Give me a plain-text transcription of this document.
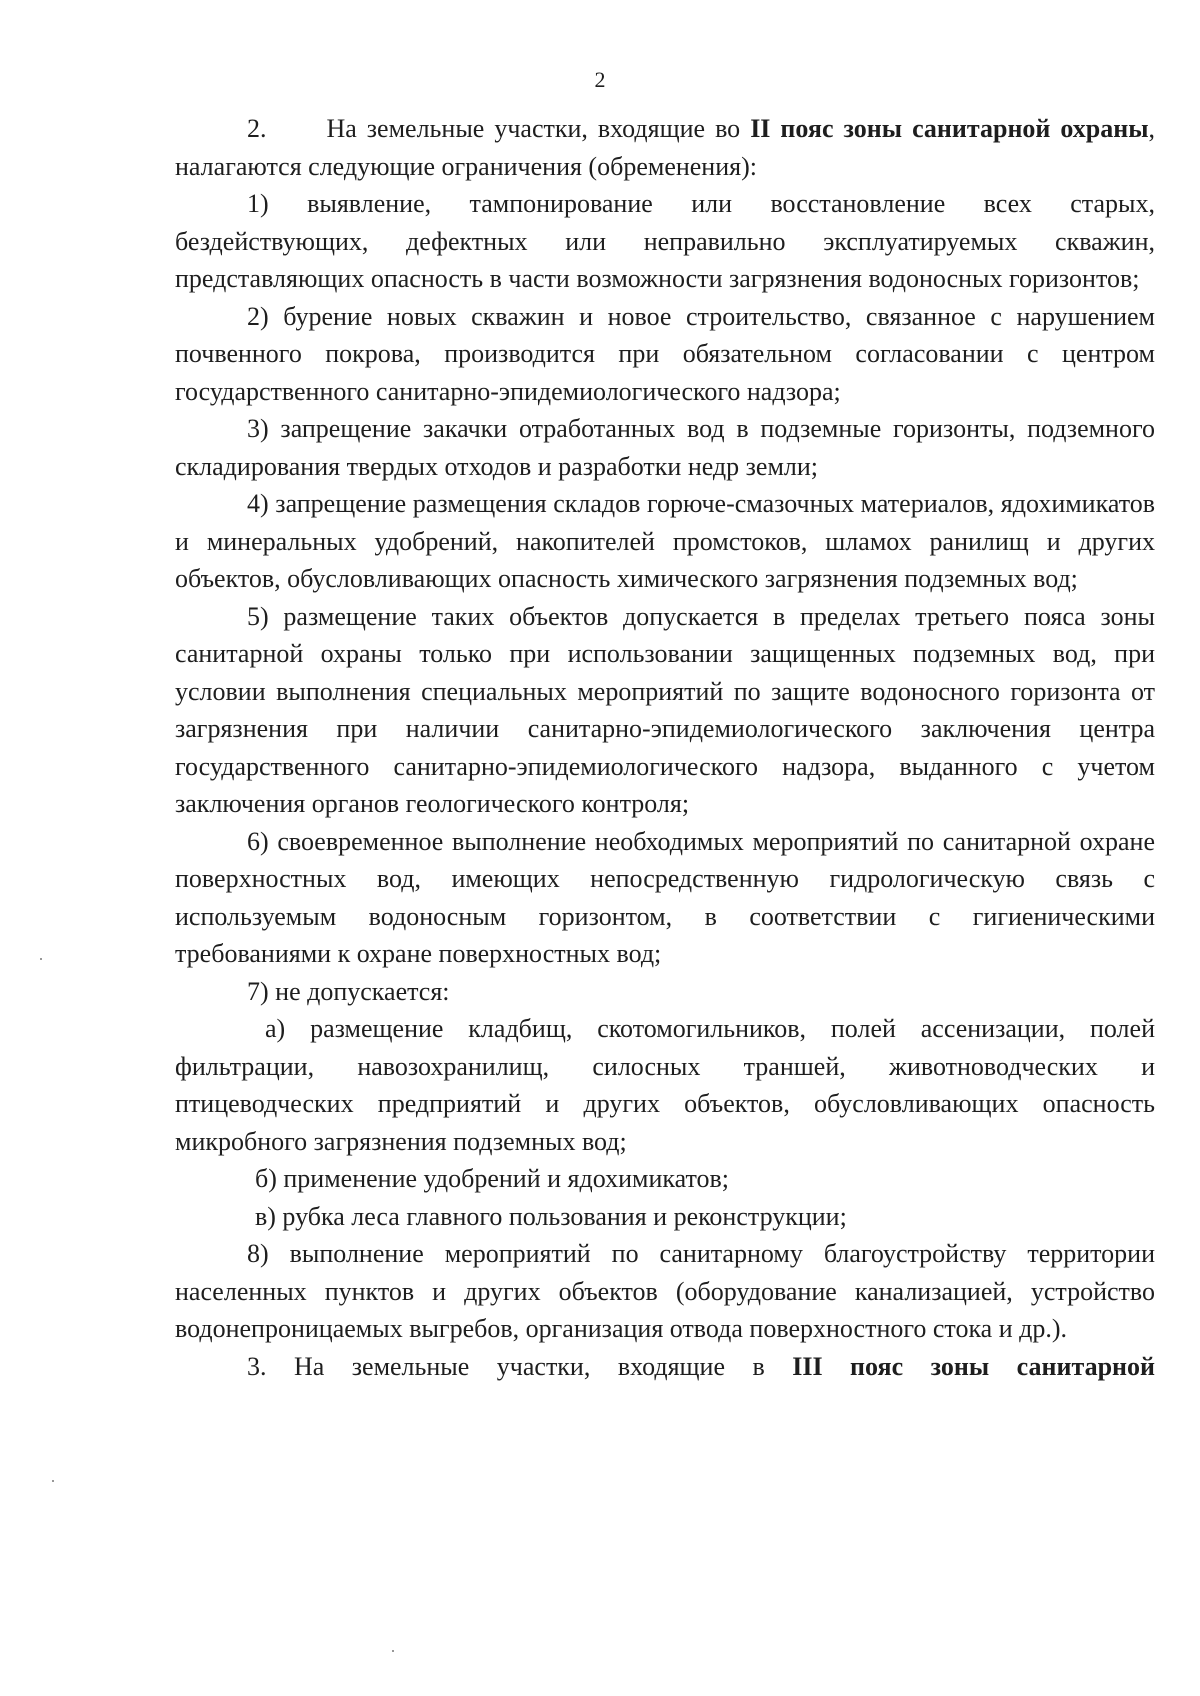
2

2. На земельные участки, входящие во II пояс зоны санитарной охраны, налагаются следующие ограничения (обременения):

1) выявление, тампонирование или восстановление всех старых, бездействующих, дефектных или неправильно эксплуатируемых скважин, представляющих опасность в части возможности загрязнения водоносных горизонтов;

2) бурение новых скважин и новое строительство, связанное с нарушением почвенного покрова, производится при обязательном согласовании с центром государственного санитарно-эпидемиологического надзора;

3) запрещение закачки отработанных вод в подземные горизонты, подземного складирования твердых отходов и разработки недр земли;

4) запрещение размещения складов горюче-смазочных материалов, ядохимикатов и минеральных удобрений, накопителей промстоков, шламох ранилищ и других объектов, обусловливающих опасность химического загрязнения подземных вод;

5) размещение таких объектов допускается в пределах третьего пояса зоны санитарной охраны только при использовании защищенных подземных вод, при условии выполнения специальных мероприятий по защите водоносного горизонта от загрязнения при наличии санитарно-эпидемиологического заключения центра государственного санитарно-эпидемиологического надзора, выданного с учетом заключения органов геологического контроля;

6) своевременное выполнение необходимых мероприятий по санитарной охране поверхностных вод, имеющих непосредственную гидрологическую связь с используемым водоносным горизонтом, в соответствии с гигиеническими требованиями к охране поверхностных вод;

7) не допускается:

а) размещение кладбищ, скотомогильников, полей ассенизации, полей фильтрации, навозохранилищ, силосных траншей, животноводческих и птицеводческих предприятий и других объектов, обусловливающих опасность микробного загрязнения подземных вод;

б) применение удобрений и ядохимикатов;

в) рубка леса главного пользования и реконструкции;

8) выполнение мероприятий по санитарному благоустройству территории населенных пунктов и других объектов (оборудование канализацией, устройство водонепроницаемых выгребов, организация отвода поверхностного стока и др.).

3. На земельные участки, входящие в III пояс зоны санитарной
